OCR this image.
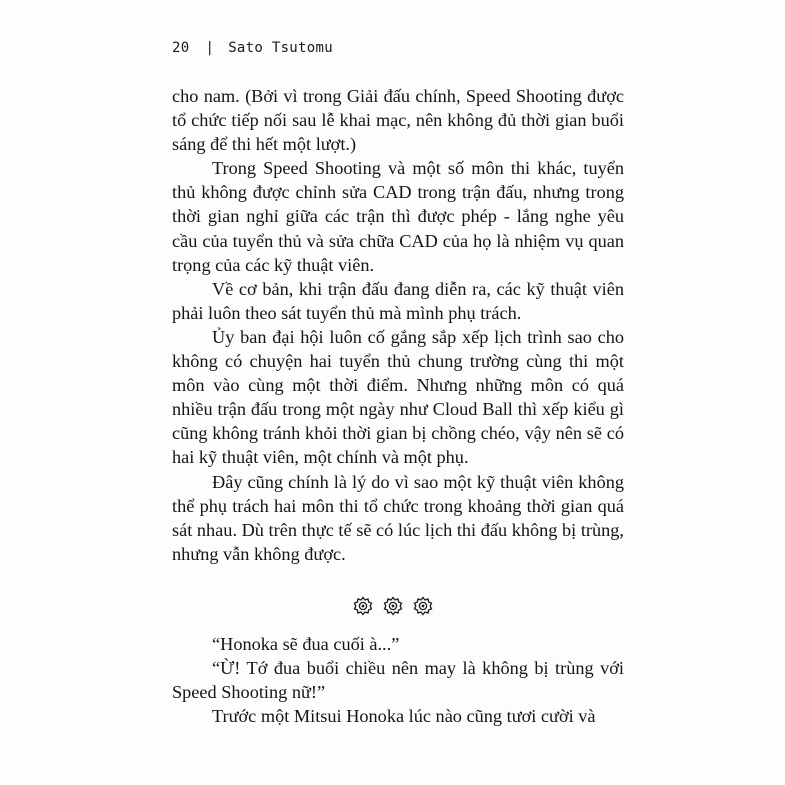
20 | Sato Tsutomu

cho nam. (Bởi vì trong Giải đấu chính, Speed Shooting được tổ chức tiếp nối sau lễ khai mạc, nên không đủ thời gian buổi sáng để thi hết một lượt.)

Trong Speed Shooting và một số môn thi khác, tuyển thủ không được chỉnh sửa CAD trong trận đấu, nhưng trong thời gian nghỉ giữa các trận thì được phép - lắng nghe yêu cầu của tuyển thủ và sửa chữa CAD của họ là nhiệm vụ quan trọng của các kỹ thuật viên.

Về cơ bản, khi trận đấu đang diễn ra, các kỹ thuật viên phải luôn theo sát tuyển thủ mà mình phụ trách.

Ủy ban đại hội luôn cố gắng sắp xếp lịch trình sao cho không có chuyện hai tuyển thủ chung trường cùng thi một môn vào cùng một thời điểm. Nhưng những môn có quá nhiều trận đấu trong một ngày như Cloud Ball thì xếp kiểu gì cũng không tránh khỏi thời gian bị chồng chéo, vậy nên sẽ có hai kỹ thuật viên, một chính và một phụ.

Đây cũng chính là lý do vì sao một kỹ thuật viên không thể phụ trách hai môn thi tổ chức trong khoảng thời gian quá sát nhau. Dù trên thực tế sẽ có lúc lịch thi đấu không bị trùng, nhưng vẫn không được.

“Honoka sẽ đua cuối à...”

“Ừ! Tớ đua buổi chiều nên may là không bị trùng với Speed Shooting nữ!”

Trước một Mitsui Honoka lúc nào cũng tươi cười và
